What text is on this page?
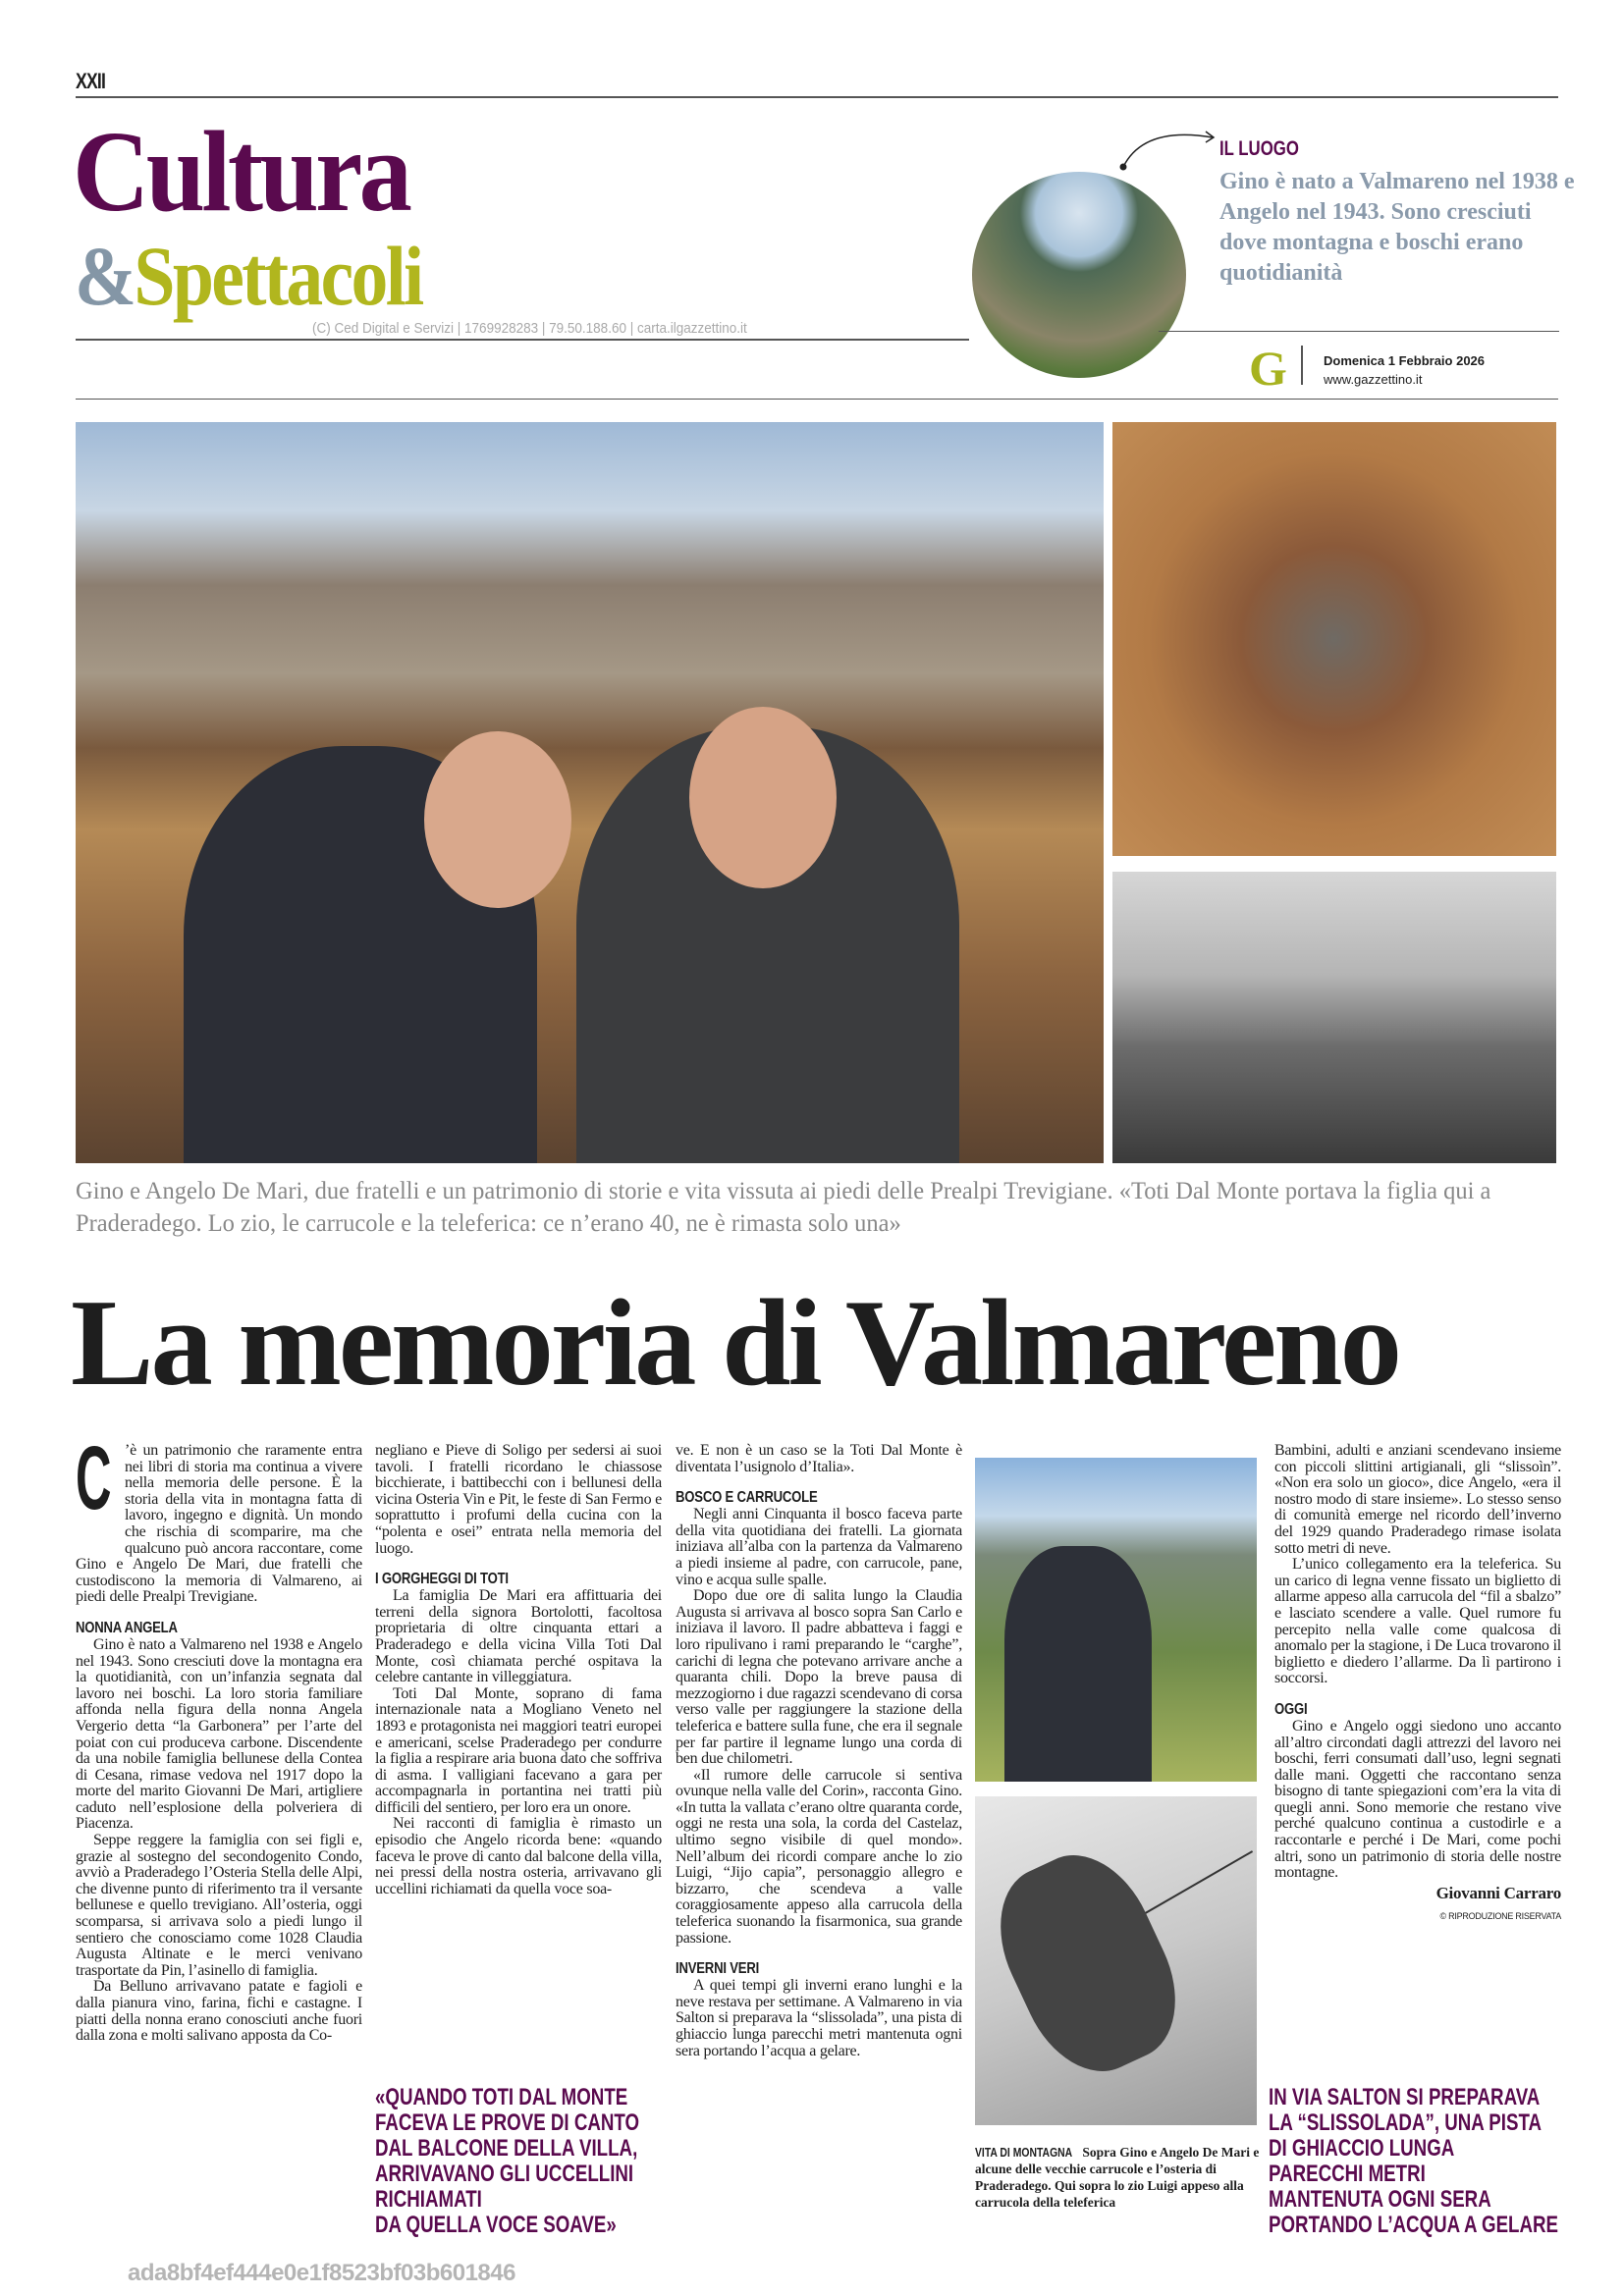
XXII
Cultura
&Spettacoli
(C) Ced Digital e Servizi | 1769928283 | 79.50.188.60 | carta.ilgazzettino.it
IL LUOGO
Gino è nato a Valmareno nel 1938 e Angelo nel 1943. Sono cresciuti dove montagna e boschi erano quotidianità
G	Domenica 1 Febbraio 2026
www.gazzettino.it
Gino e Angelo De Mari, due fratelli e un patrimonio di storie e vita vissuta ai piedi delle Prealpi Trevigiane. «Toti Dal Monte portava la figlia qui a Praderadego. Lo zio, le carrucole e la teleferica: ce n’erano 40, ne è rimasta solo una»
La memoria di Valmareno
C ’è un patrimonio che raramente entra nei libri di storia ma continua a vivere nella memoria delle persone. È la storia della vita in montagna fatta di lavoro, ingegno e dignità. Un mondo che rischia di scomparire, ma che qualcuno può ancora raccontare, come Gino e Angelo De Mari, due fratelli che custodiscono la memoria di Valmareno, ai piedi delle Prealpi Trevigiane.

NONNA ANGELA

Gino è nato a Valmareno nel 1938 e Angelo nel 1943. Sono cresciuti dove la montagna era la quotidianità, con un’infanzia segnata dal lavoro nei boschi. La loro storia familiare affonda nella figura della nonna Angela Vergerio detta “la Garbonera” per l’arte del poiat con cui produceva carbone. Discendente da una nobile famiglia bellunese della Contea di Cesana, rimase vedova nel 1917 dopo la morte del marito Giovanni De Mari, artigliere caduto nell’esplosione della polveriera di Piacenza.

Seppe reggere la famiglia con sei figli e, grazie al sostegno del secondogenito Condo, avviò a Praderadego l’Osteria Stella delle Alpi, che divenne punto di riferimento tra il versante bellunese e quello trevigiano. All’osteria, oggi scomparsa, si arrivava solo a piedi lungo il sentiero che conosciamo come 1028 Claudia Augusta Altinate e le merci venivano trasportate da Pin, l’asinello di famiglia.

Da Belluno arrivavano patate e fagioli e dalla pianura vino, farina, fichi e castagne. I piatti della nonna erano conosciuti anche fuori dalla zona e molti salivano apposta da Co-

negliano e Pieve di Soligo per sedersi ai suoi tavoli. I fratelli ricordano le chiassose bicchierate, i battibecchi con i bellunesi della vicina Osteria Vin e Pit, le feste di San Fermo e soprattutto i profumi della cucina con la “polenta e osei” entrata nella memoria del luogo.

I GORGHEGGI DI TOTI

La famiglia De Mari era affittuaria dei terreni della signora Bortolotti, facoltosa proprietaria di oltre cinquanta ettari a Praderadego e della vicina Villa Toti Dal Monte, così chiamata perché ospitava la celebre cantante in villeggiatura.

Toti Dal Monte, soprano di fama internazionale nata a Mogliano Veneto nel 1893 e protagonista nei maggiori teatri europei e americani, scelse Praderadego per condurre la figlia a respirare aria buona dato che soffriva di asma. I valligiani facevano a gara per accompagnarla in portantina nei tratti più difficili del sentiero, per loro era un onore.

Nei racconti di famiglia è rimasto un episodio che Angelo ricorda bene: «quando faceva le prove di canto dal balcone della villa, nei pressi della nostra osteria, arrivavano gli uccellini richiamati da quella voce soa-

«QUANDO TOTI DAL MONTE
FACEVA LE PROVE DI CANTO
DAL BALCONE DELLA VILLA,
ARRIVAVANO GLI UCCELLINI
RICHIAMATI
DA QUELLA VOCE SOAVE»

ve. E non è un caso se la Toti Dal Monte è diventata l’usignolo d’Italia».

BOSCO E CARRUCOLE

Negli anni Cinquanta il bosco faceva parte della vita quotidiana dei fratelli. La giornata iniziava all’alba con la partenza da Valmareno a piedi insieme al padre, con carrucole, pane, vino e acqua sulle spalle.

Dopo due ore di salita lungo la Claudia Augusta si arrivava al bosco sopra San Carlo e iniziava il lavoro. Il padre abbatteva i faggi e loro ripulivano i rami preparando le “carghe”, carichi di legna che potevano arrivare anche a quaranta chili. Dopo la breve pausa di mezzogiorno i due ragazzi scendevano di corsa verso valle per raggiungere la stazione della teleferica e battere sulla fune, che era il segnale per far partire il legname lungo una corda di ben due chilometri.

«Il rumore delle carrucole si sentiva ovunque nella valle del Corin», racconta Gino. «In tutta la vallata c’erano oltre quaranta corde, oggi ne resta una sola, la corda del Castelaz, ultimo segno visibile di quel mondo». Nell’album dei ricordi compare anche lo zio Luigi, “Jijo capia”, personaggio allegro e bizzarro, che scendeva a valle coraggiosamente appeso alla carrucola della teleferica suonando la fisarmonica, sua grande passione.

INVERNI VERI

A quei tempi gli inverni erano lunghi e la neve restava per settimane. A Valmareno in via Salton si preparava la “slissolada”, una pista di ghiaccio lunga parecchi metri mantenuta ogni sera portando l’acqua a gelare.

VITA DI MONTAGNA Sopra Gino e Angelo De Mari e alcune delle vecchie carrucole e l’osteria di Praderadego. Qui sopra lo zio Luigi appeso alla carrucola della teleferica

Bambini, adulti e anziani scendevano insieme con piccoli slittini artigianali, gli “slissoìn”. «Non era solo un gioco», dice Angelo, «era il nostro modo di stare insieme». Lo stesso senso di comunità emerge nel ricordo dell’inverno del 1929 quando Praderadego rimase isolata sotto metri di neve.

L’unico collegamento era la teleferica. Su un carico di legna venne fissato un biglietto di allarme appeso alla carrucola del “fil a sbalzo” e lasciato scendere a valle. Quel rumore fu percepito nella valle come qualcosa di anomalo per la stagione, i De Luca trovarono il biglietto e diedero l’allarme. Da lì partirono i soccorsi.

OGGI

Gino e Angelo oggi siedono uno accanto all’altro circondati dagli attrezzi del lavoro nei boschi, ferri consumati dall’uso, legni segnati dalle mani. Oggetti che raccontano senza bisogno di tante spiegazioni com’era la vita di quegli anni. Sono memorie che restano vive perché qualcuno continua a custodirle e a raccontarle e perché i De Mari, come pochi altri, sono un patrimonio di storia delle nostre montagne.

Giovanni Carraro
© RIPRODUZIONE RISERVATA
IN VIA SALTON SI PREPARAVA
LA “SLISSOLADA”, UNA PISTA
DI GHIACCIO LUNGA
PARECCHI METRI
MANTENUTA OGNI SERA
PORTANDO L’ACQUA A GELARE
ada8bf4ef444e0e1f8523bf03b601846
